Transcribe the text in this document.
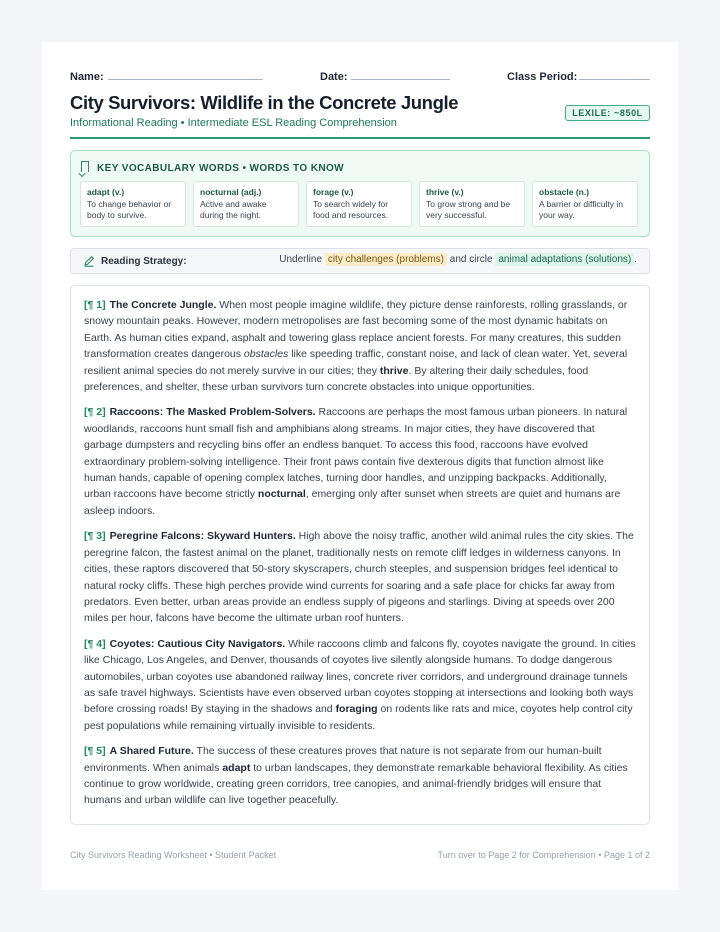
Name:	Date:	Class Period:
City Survivors: Wildlife in the Concrete Jungle
Informational Reading • Intermediate ESL Reading Comprehension
LEXILE: ~850L
KEY VOCABULARY WORDS • WORDS TO KNOW
adapt (v.)
To change behavior or body to survive.
nocturnal (adj.)
Active and awake during the night.
forage (v.)
To search widely for food and resources.
thrive (v.)
To grow strong and be very successful.
obstacle (n.)
A barrier or difficulty in your way.
Reading Strategy:	Underline city challenges (problems) and circle animal adaptations (solutions) .

[¶ 1] The Concrete Jungle. When most people imagine wildlife, they picture dense rainforests, rolling grasslands, or snowy mountain peaks. However, modern metropolises are fast becoming some of the most dynamic habitats on Earth. As human cities expand, asphalt and towering glass replace ancient forests. For many creatures, this sudden transformation creates dangerous obstacles like speeding traffic, constant noise, and lack of clean water. Yet, several resilient animal species do not merely survive in our cities; they thrive. By altering their daily schedules, food preferences, and shelter, these urban survivors turn concrete obstacles into unique opportunities.

[¶ 2] Raccoons: The Masked Problem-Solvers. Raccoons are perhaps the most famous urban pioneers. In natural woodlands, raccoons hunt small fish and amphibians along streams. In major cities, they have discovered that garbage dumpsters and recycling bins offer an endless banquet. To access this food, raccoons have evolved extraordinary problem-solving intelligence. Their front paws contain five dexterous digits that function almost like human hands, capable of opening complex latches, turning door handles, and unzipping backpacks. Additionally, urban raccoons have become strictly nocturnal, emerging only after sunset when streets are quiet and humans are asleep indoors.

[¶ 3] Peregrine Falcons: Skyward Hunters. High above the noisy traffic, another wild animal rules the city skies. The peregrine falcon, the fastest animal on the planet, traditionally nests on remote cliff ledges in wilderness canyons. In cities, these raptors discovered that 50-story skyscrapers, church steeples, and suspension bridges feel identical to natural rocky cliffs. These high perches provide wind currents for soaring and a safe place for chicks far away from predators. Even better, urban areas provide an endless supply of pigeons and starlings. Diving at speeds over 200 miles per hour, falcons have become the ultimate urban roof hunters.

[¶ 4] Coyotes: Cautious City Navigators. While raccoons climb and falcons fly, coyotes navigate the ground. In cities like Chicago, Los Angeles, and Denver, thousands of coyotes live silently alongside humans. To dodge dangerous automobiles, urban coyotes use abandoned railway lines, concrete river corridors, and underground drainage tunnels as safe travel highways. Scientists have even observed urban coyotes stopping at intersections and looking both ways before crossing roads! By staying in the shadows and foraging on rodents like rats and mice, coyotes help control city pest populations while remaining virtually invisible to residents.

[¶ 5] A Shared Future. The success of these creatures proves that nature is not separate from our human-built environments. When animals adapt to urban landscapes, they demonstrate remarkable behavioral flexibility. As cities continue to grow worldwide, creating green corridors, tree canopies, and animal-friendly bridges will ensure that humans and urban wildlife can live together peacefully.

City Survivors Reading Worksheet • Student Packet	Turn over to Page 2 for Comprehension • Page 1 of 2
